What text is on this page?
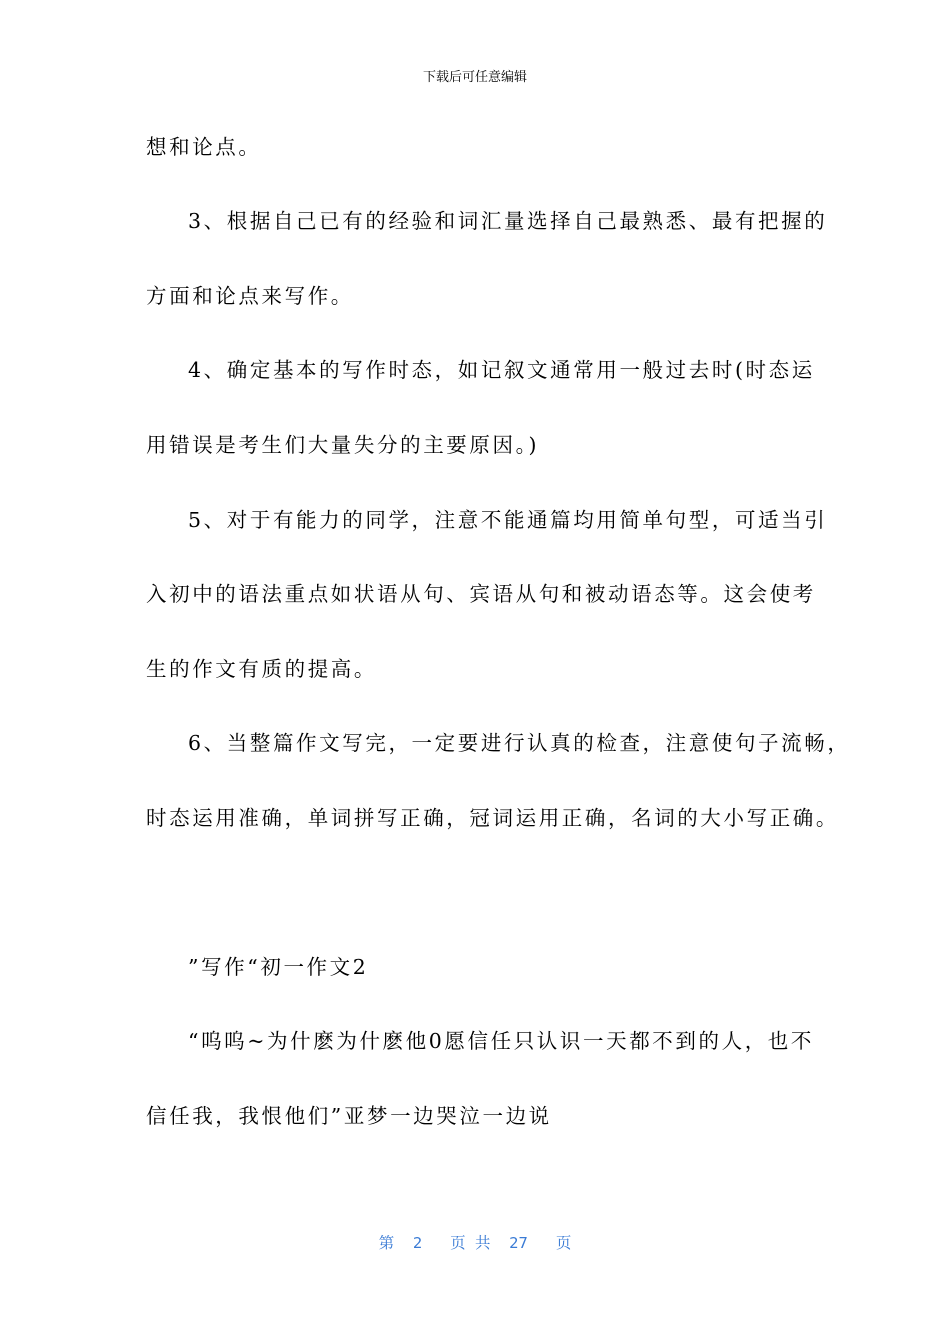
下载后可任意编辑
想和论点。
3、根据自己已有的经验和词汇量选择自己最熟悉、最有把握的
方面和论点来写作。
4、确定基本的写作时态，如记叙文通常用一般过去时(时态运
用错误是考生们大量失分的主要原因。)
5、对于有能力的同学，注意不能通篇均用简单句型，可适当引
入初中的语法重点如状语从句、宾语从句和被动语态等。这会使考
生的作文有质的提高。
6、当整篇作文写完，一定要进行认真的检查，注意使句子流畅，
时态运用准确，单词拼写正确，冠词运用正确，名词的大小写正确。
”写作“初一作文2
“呜呜~为什麽为什麽他0愿信任只认识一天都不到的人，也不
信任我，我恨他们”亚梦一边哭泣一边说
第  2   页 共  27   页
